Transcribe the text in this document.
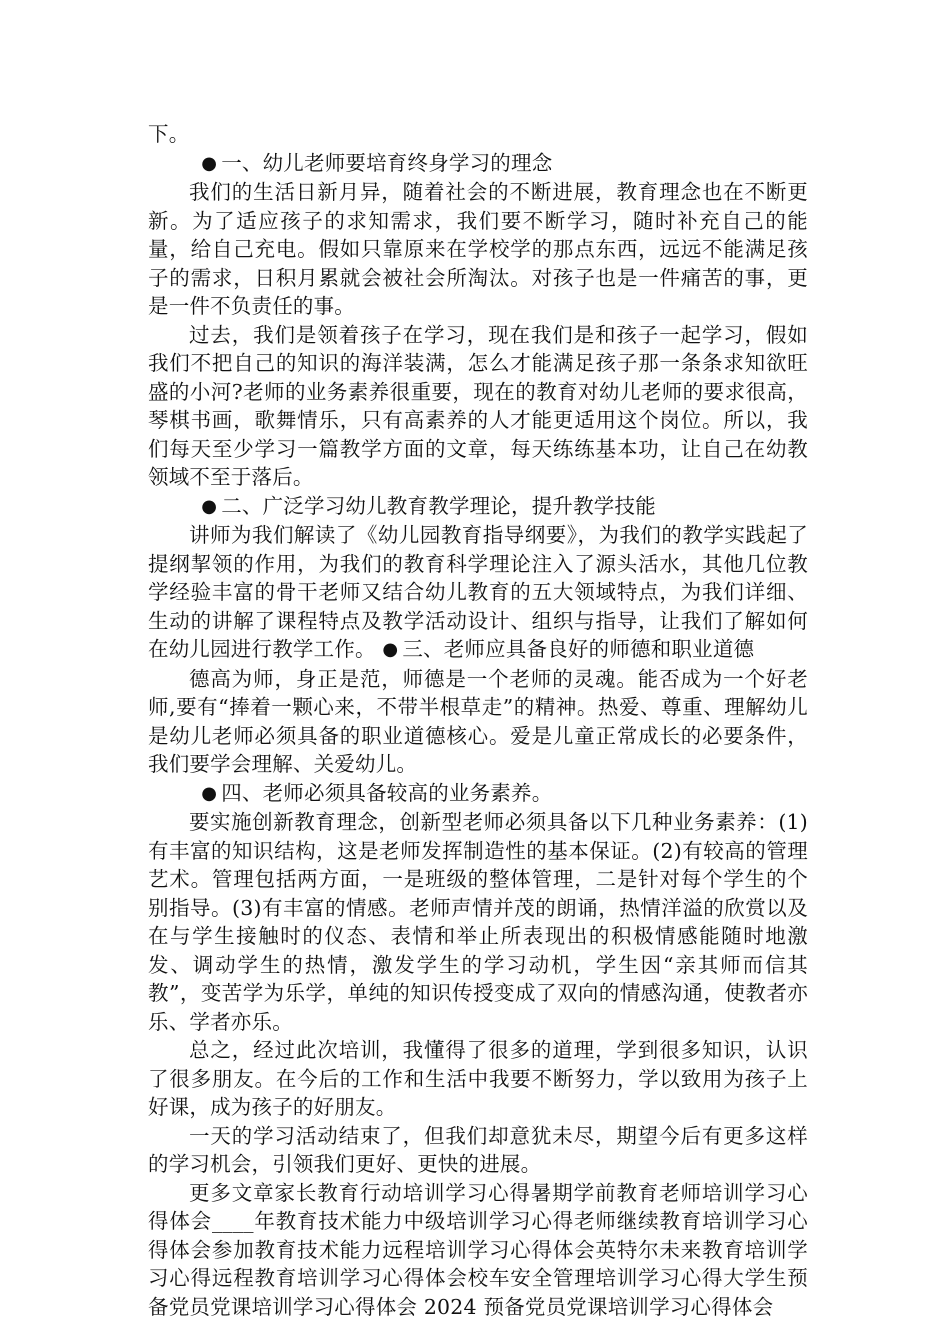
下。

● 一、幼儿老师要培育终身学习的理念

我们的生活日新月异，随着社会的不断进展，教育理念也在不断更新。为了适应孩子的求知需求，我们要不断学习，随时补充自己的能量，给自己充电。假如只靠原来在学校学的那点东西，远远不能满足孩子的需求，日积月累就会被社会所淘汰。对孩子也是一件痛苦的事，更是一件不负责任的事。

过去，我们是领着孩子在学习，现在我们是和孩子一起学习，假如我们不把自己的知识的海洋装满，怎么才能满足孩子那一条条求知欲旺盛的小河?老师的业务素养很重要，现在的教育对幼儿老师的要求很高，琴棋书画，歌舞情乐，只有高素养的人才能更适用这个岗位。所以，我们每天至少学习一篇教学方面的文章，每天练练基本功，让自己在幼教领域不至于落后。

● 二、广泛学习幼儿教育教学理论，提升教学技能

讲师为我们解读了《幼儿园教育指导纲要》，为我们的教学实践起了提纲挈领的作用，为我们的教育科学理论注入了源头活水，其他几位教学经验丰富的骨干老师又结合幼儿教育的五大领域特点，为我们详细、生动的讲解了课程特点及教学活动设计、组织与指导，让我们了解如何在幼儿园进行教学工作。 ● 三、老师应具备良好的师德和职业道德

德高为师，身正是范，师德是一个老师的灵魂。能否成为一个好老师,要有“捧着一颗心来，不带半根草走”的精神。热爱、尊重、理解幼儿是幼儿老师必须具备的职业道德核心。爱是儿童正常成长的必要条件，我们要学会理解、关爱幼儿。

● 四、老师必须具备较高的业务素养。

要实施创新教育理念，创新型老师必须具备以下几种业务素养：(1)有丰富的知识结构，这是老师发挥制造性的基本保证。(2)有较高的管理艺术。管理包括两方面，一是班级的整体管理，二是针对每个学生的个别指导。(3)有丰富的情感。老师声情并茂的朗诵，热情洋溢的欣赏以及在与学生接触时的仪态、表情和举止所表现出的积极情感能随时地激发、调动学生的热情，激发学生的学习动机，学生因“亲其师而信其教”，变苦学为乐学，单纯的知识传授变成了双向的情感沟通，使教者亦乐、学者亦乐。

总之，经过此次培训，我懂得了很多的道理，学到很多知识，认识了很多朋友。在今后的工作和生活中我要不断努力，学以致用为孩子上好课，成为孩子的好朋友。

一天的学习活动结束了，但我们却意犹未尽，期望今后有更多这样的学习机会，引领我们更好、更快的进展。

更多文章家长教育行动培训学习心得暑期学前教育老师培训学习心得体会____年教育技术能力中级培训学习心得老师继续教育培训学习心得体会参加教育技术能力远程培训学习心得体会英特尔未来教育培训学习心得远程教育培训学习心得体会校车安全管理培训学习心得大学生预备党员党课培训学习心得体会 2024 预备党员党课培训学习心得体会
